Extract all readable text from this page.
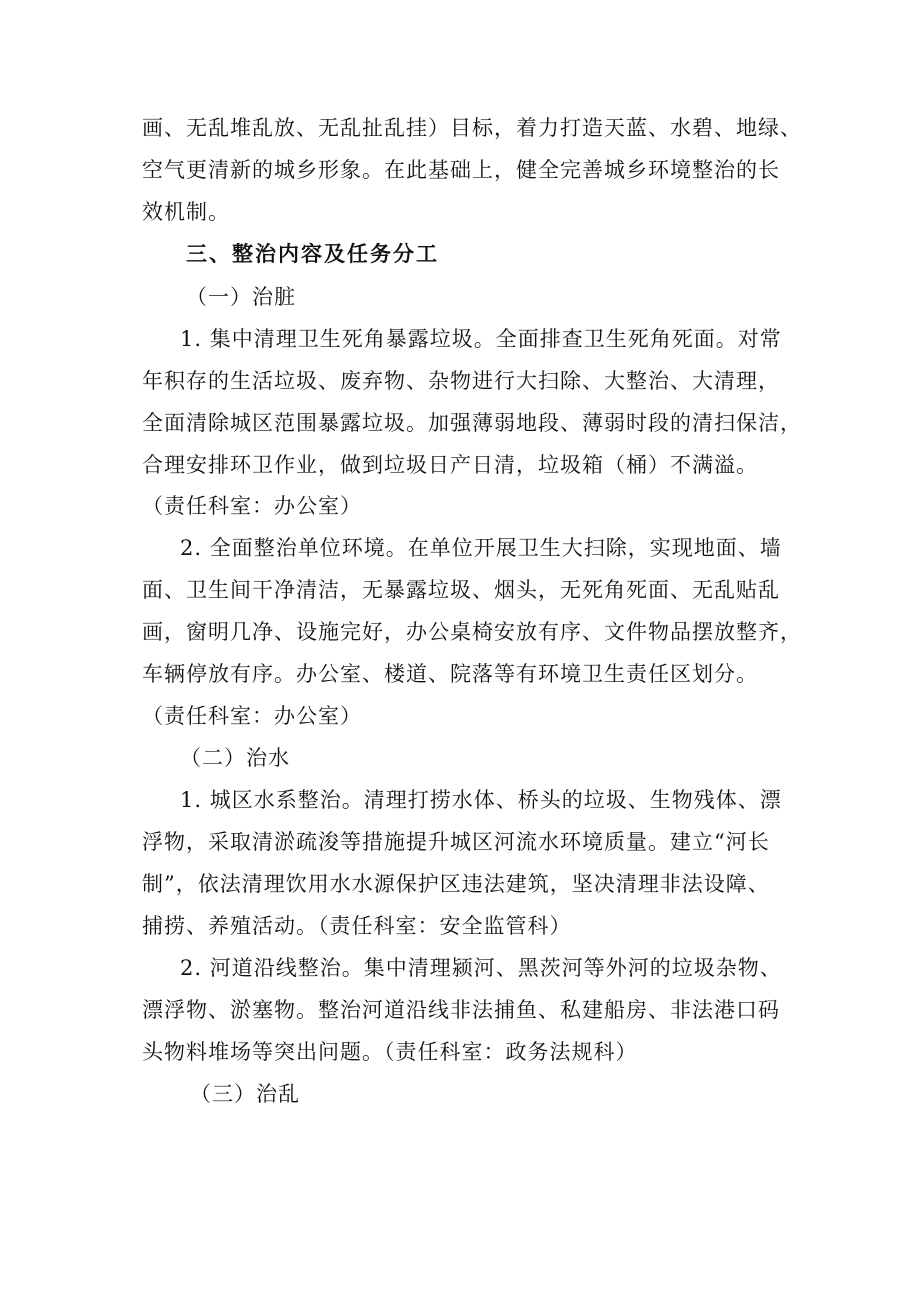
画、无乱堆乱放、无乱扯乱挂）目标，着力打造天蓝、水碧、地绿、
空气更清新的城乡形象。在此基础上，健全完善城乡环境整治的长
效机制。
三、整治内容及任务分工
（一）治脏
1. 集中清理卫生死角暴露垃圾。全面排查卫生死角死面。对常
年积存的生活垃圾、废弃物、杂物进行大扫除、大整治、大清理，
全面清除城区范围暴露垃圾。加强薄弱地段、薄弱时段的清扫保洁，
合理安排环卫作业，做到垃圾日产日清，垃圾箱（桶）不满溢。
（责任科室：办公室）
2. 全面整治单位环境。在单位开展卫生大扫除，实现地面、墙
面、卫生间干净清洁，无暴露垃圾、烟头，无死角死面、无乱贴乱
画，窗明几净、设施完好，办公桌椅安放有序、文件物品摆放整齐，
车辆停放有序。办公室、楼道、院落等有环境卫生责任区划分。
（责任科室：办公室）
（二）治水
1. 城区水系整治。清理打捞水体、桥头的垃圾、生物残体、漂
浮物，采取清淤疏浚等措施提升城区河流水环境质量。建立“河长
制”，依法清理饮用水水源保护区违法建筑，坚决清理非法设障、
捕捞、养殖活动。（责任科室：安全监管科）
2. 河道沿线整治。集中清理颍河、黑茨河等外河的垃圾杂物、
漂浮物、淤塞物。整治河道沿线非法捕鱼、私建船房、非法港口码
头物料堆场等突出问题。（责任科室：政务法规科）
（三）治乱
